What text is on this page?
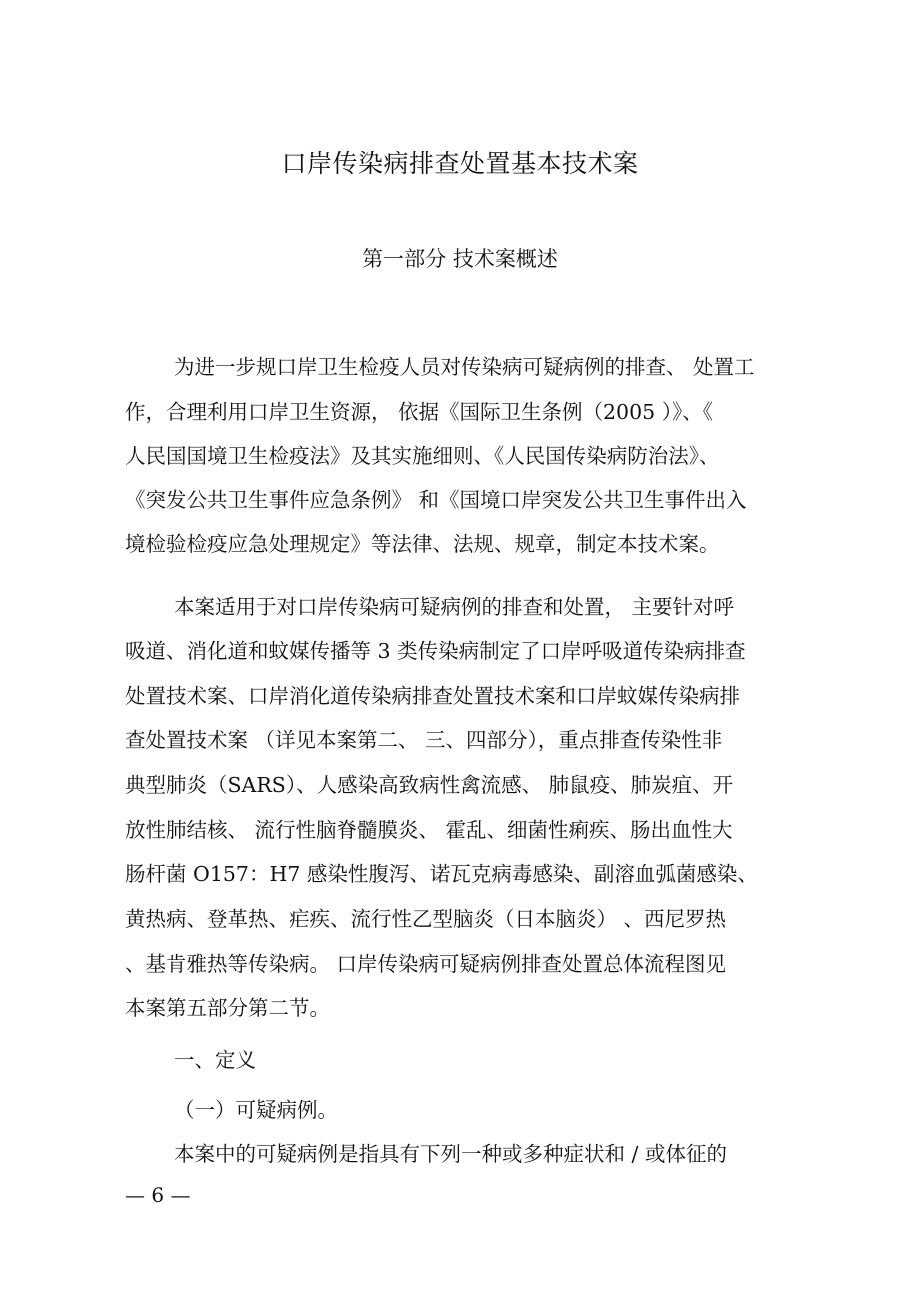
口岸传染病排查处置基本技术案
第一部分 技术案概述
为进一步规口岸卫生检疫人员对传染病可疑病例的排查、 处置工
作，合理利用口岸卫生资源， 依据《国际卫生条例（2005 ）》、《
人民国国境卫生检疫法》及其实施细则、《人民国传染病防治法》、
《突发公共卫生事件应急条例》 和《国境口岸突发公共卫生事件出入
境检验检疫应急处理规定》等法律、法规、规章，制定本技术案。
本案适用于对口岸传染病可疑病例的排查和处置， 主要针对呼
吸道、消化道和蚊媒传播等 3 类传染病制定了口岸呼吸道传染病排查
处置技术案、口岸消化道传染病排查处置技术案和口岸蚊媒传染病排
查处置技术案 （详见本案第二、 三、四部分），重点排查传染性非
典型肺炎（SARS）、人感染高致病性禽流感、 肺鼠疫、肺炭疽、开
放性肺结核、 流行性脑脊髓膜炎、 霍乱、细菌性痢疾、肠出血性大
肠杆菌 O157：H7 感染性腹泻、诺瓦克病毒感染、副溶血弧菌感染、
黄热病、登革热、疟疾、流行性乙型脑炎（日本脑炎） 、西尼罗热
、基肯雅热等传染病。 口岸传染病可疑病例排查处置总体流程图见
本案第五部分第二节。
一、定义
（一）可疑病例。
本案中的可疑病例是指具有下列一种或多种症状和 / 或体征的
— 6 —
